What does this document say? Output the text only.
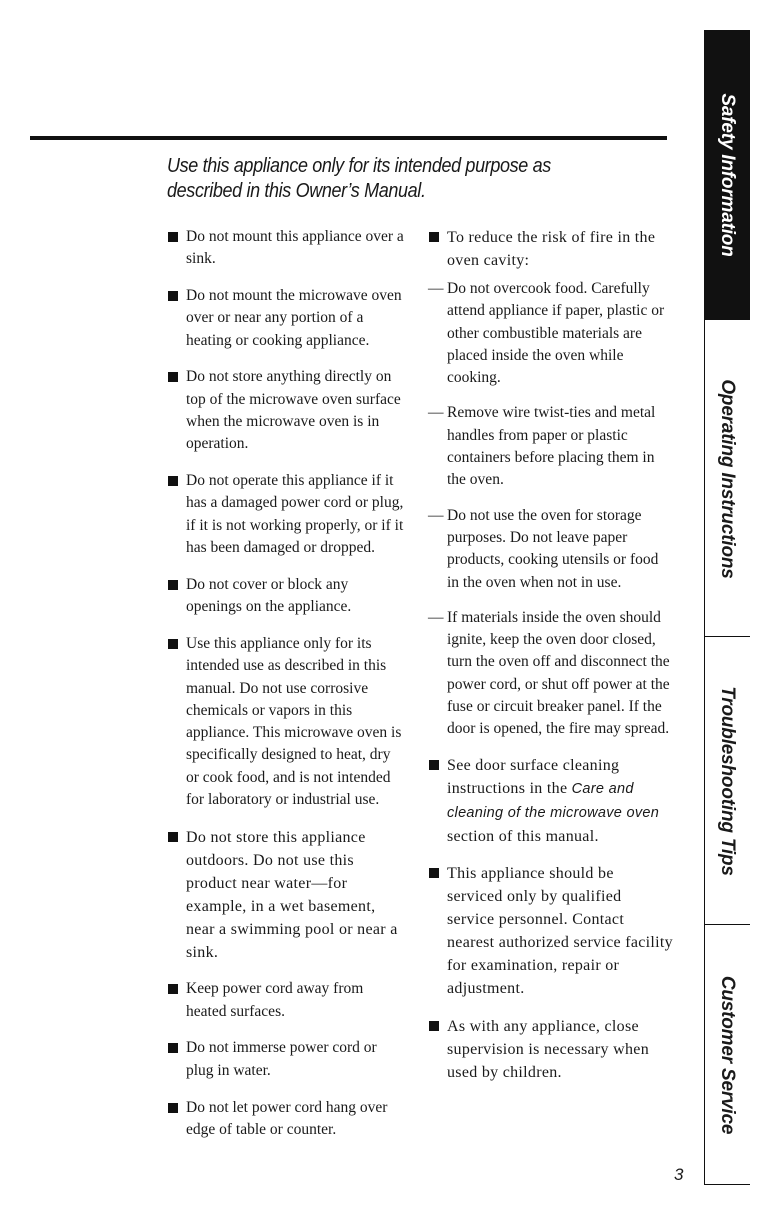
Use this appliance only for its intended purpose as
described in this Owner’s Manual.
Do not mount this appliance over a sink.
Do not mount the microwave oven over or near any portion of a heating or cooking appliance.
Do not store anything directly on top of the microwave oven surface when the microwave oven is in operation.
Do not operate this appliance if it has a damaged power cord or plug, if it is not working properly, or if it has been damaged or dropped.
Do not cover or block any openings on the appliance.
Use this appliance only for its intended use as described in this manual. Do not use corrosive chemicals or vapors in this appliance. This microwave oven is specifically designed to heat, dry or cook food, and is not intended for laboratory or industrial use.
Do not store this appliance outdoors. Do not use this product near water—for example, in a wet basement, near a swimming pool or near a sink.
Keep power cord away from heated surfaces.
Do not immerse power cord or plug in water.
Do not let power cord hang over edge of table or counter.
To reduce the risk of fire in the oven cavity:
— Do not overcook food. Carefully attend appliance if paper, plastic or other combustible materials are placed inside the oven while cooking.
— Remove wire twist-ties and metal handles from paper or plastic containers before placing them in the oven.
— Do not use the oven for storage purposes. Do not leave paper products, cooking utensils or food in the oven when not in use.
— If materials inside the oven should ignite, keep the oven door closed, turn the oven off and disconnect the power cord, or shut off power at the fuse or circuit breaker panel. If the door is opened, the fire may spread.
See door surface cleaning instructions in the Care and cleaning of the microwave oven section of this manual.
This appliance should be serviced only by qualified service personnel. Contact nearest authorized service facility for examination, repair or adjustment.
As with any appliance, close supervision is necessary when used by children.
3
Safety Information
Operating Instructions
Troubleshooting Tips
Customer Service
